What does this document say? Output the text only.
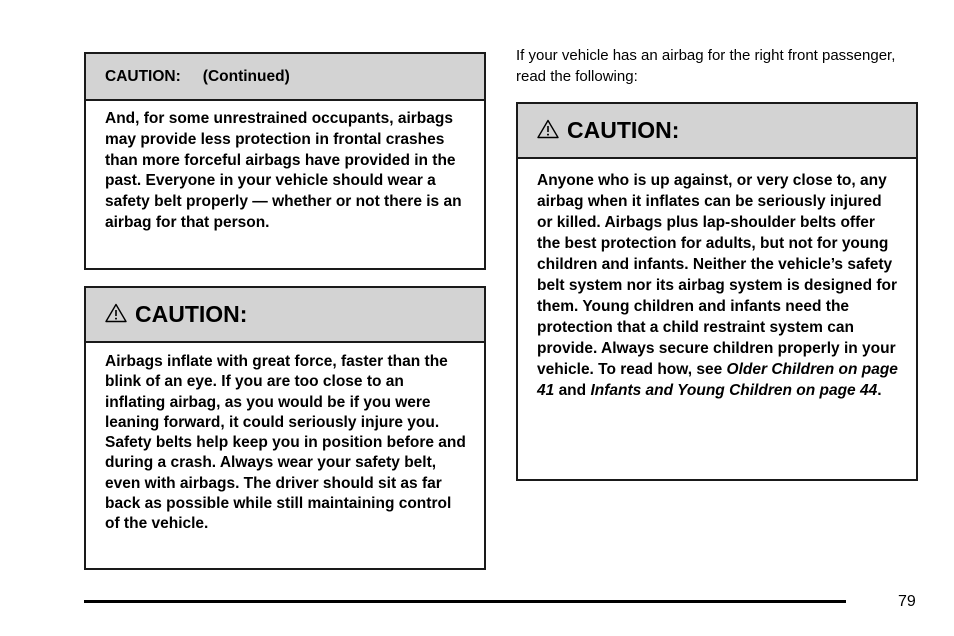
CAUTION: (Continued)
And, for some unrestrained occupants, airbags may provide less protection in frontal crashes than more forceful airbags have provided in the past. Everyone in your vehicle should wear a safety belt properly — whether or not there is an airbag for that person.
CAUTION:
Airbags inflate with great force, faster than the blink of an eye. If you are too close to an inflating airbag, as you would be if you were leaning forward, it could seriously injure you. Safety belts help keep you in position before and during a crash. Always wear your safety belt, even with airbags. The driver should sit as far back as possible while still maintaining control of the vehicle.
If your vehicle has an airbag for the right front passenger, read the following:
CAUTION:
Anyone who is up against, or very close to, any airbag when it inflates can be seriously injured or killed. Airbags plus lap-shoulder belts offer the best protection for adults, but not for young children and infants. Neither the vehicle’s safety belt system nor its airbag system is designed for them. Young children and infants need the protection that a child restraint system can provide. Always secure children properly in your vehicle. To read how, see Older Children on page 41 and Infants and Young Children on page 44.
79
